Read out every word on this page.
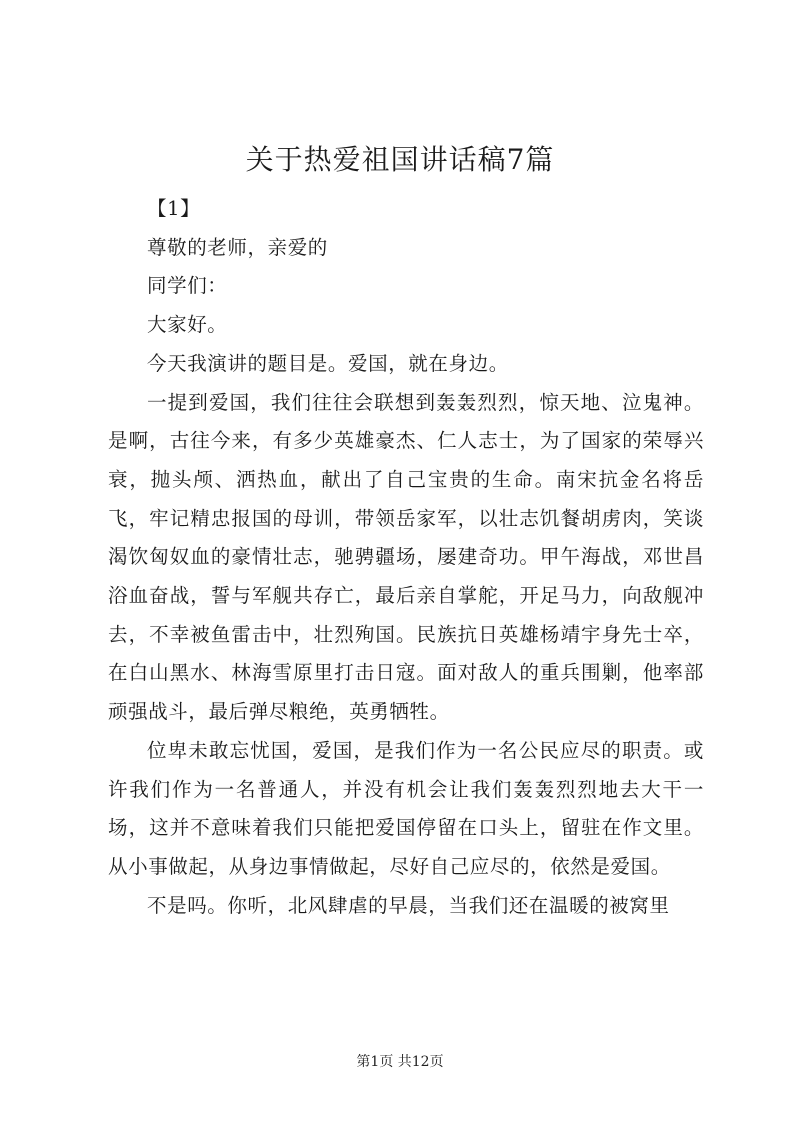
关于热爱祖国讲话稿7篇

【1】

尊敬的老师，亲爱的

同学们：

大家好。

今天我演讲的题目是。爱国，就在身边。

一提到爱国，我们往往会联想到轰轰烈烈，惊天地、泣鬼神。是啊，古往今来，有多少英雄豪杰、仁人志士，为了国家的荣辱兴衰，抛头颅、洒热血，献出了自己宝贵的生命。南宋抗金名将岳飞，牢记精忠报国的母训，带领岳家军，以壮志饥餐胡虏肉，笑谈渴饮匈奴血的豪情壮志，驰骋疆场，屡建奇功。甲午海战，邓世昌浴血奋战，誓与军舰共存亡，最后亲自掌舵，开足马力，向敌舰冲去，不幸被鱼雷击中，壮烈殉国。民族抗日英雄杨靖宇身先士卒，在白山黑水、林海雪原里打击日寇。面对敌人的重兵围剿，他率部顽强战斗，最后弹尽粮绝，英勇牺牲。

位卑未敢忘忧国，爱国，是我们作为一名公民应尽的职责。或许我们作为一名普通人，并没有机会让我们轰轰烈烈地去大干一场，这并不意味着我们只能把爱国停留在口头上，留驻在作文里。从小事做起，从身边事情做起，尽好自己应尽的，依然是爱国。

不是吗。你听，北风肆虐的早晨，当我们还在温暖的被窝里

第1页 共12页
